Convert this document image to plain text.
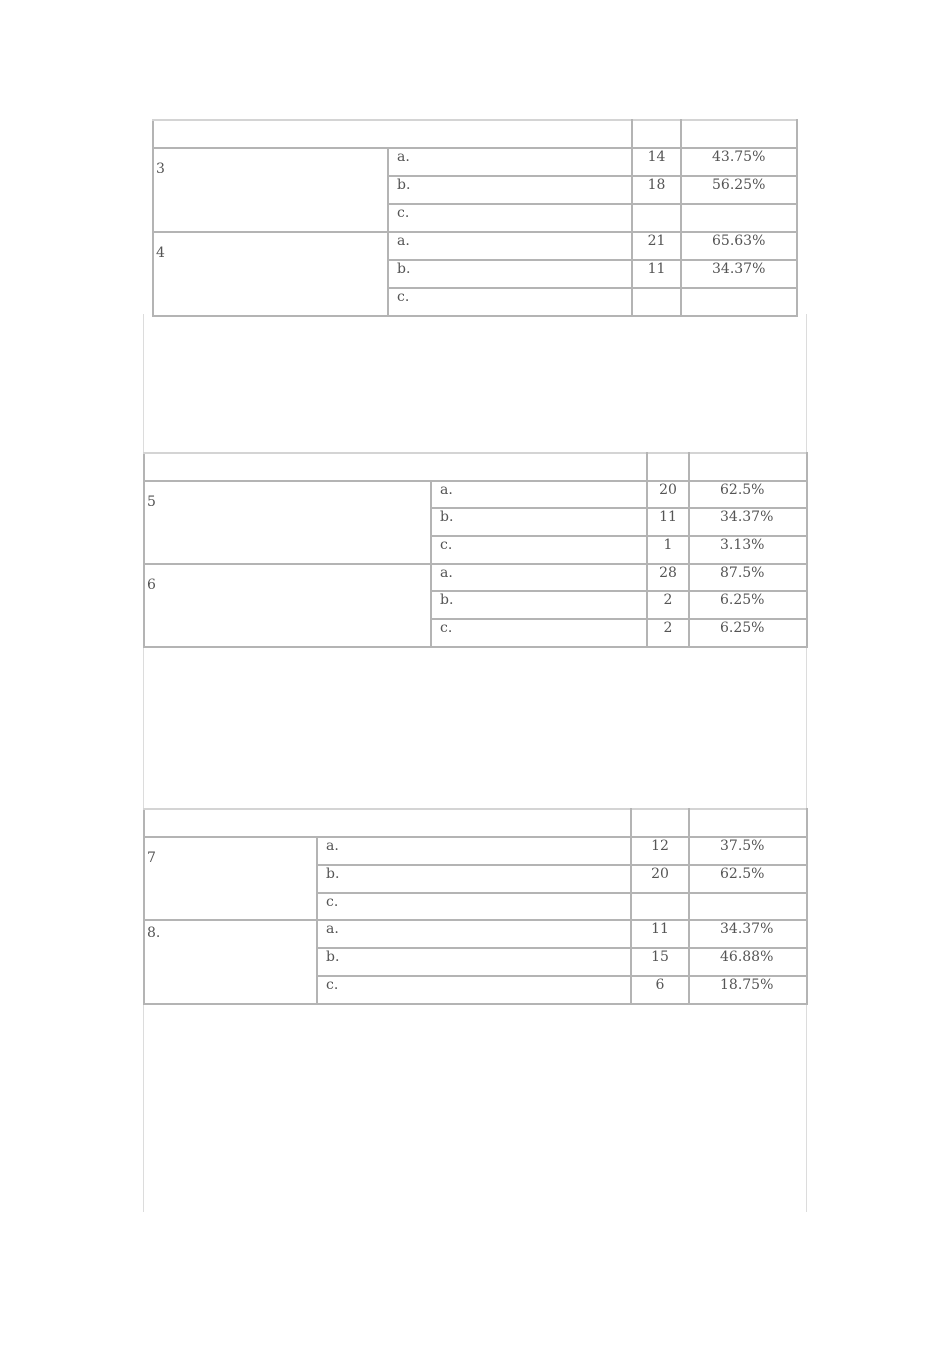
3	a.	14	43.75%
	b.	18	56.25%
	c.		
4	a.	21	65.63%
	b.	11	34.37%
	c.		

5	a.	20	62.5%
	b.	11	34.37%
	c.	1	3.13%
6	a.	28	87.5%
	b.	2	6.25%
	c.	2	6.25%

7	a.	12	37.5%
	b.	20	62.5%
	c.		
8.	a.	11	34.37%
	b.	15	46.88%
	c.	6	18.75%
